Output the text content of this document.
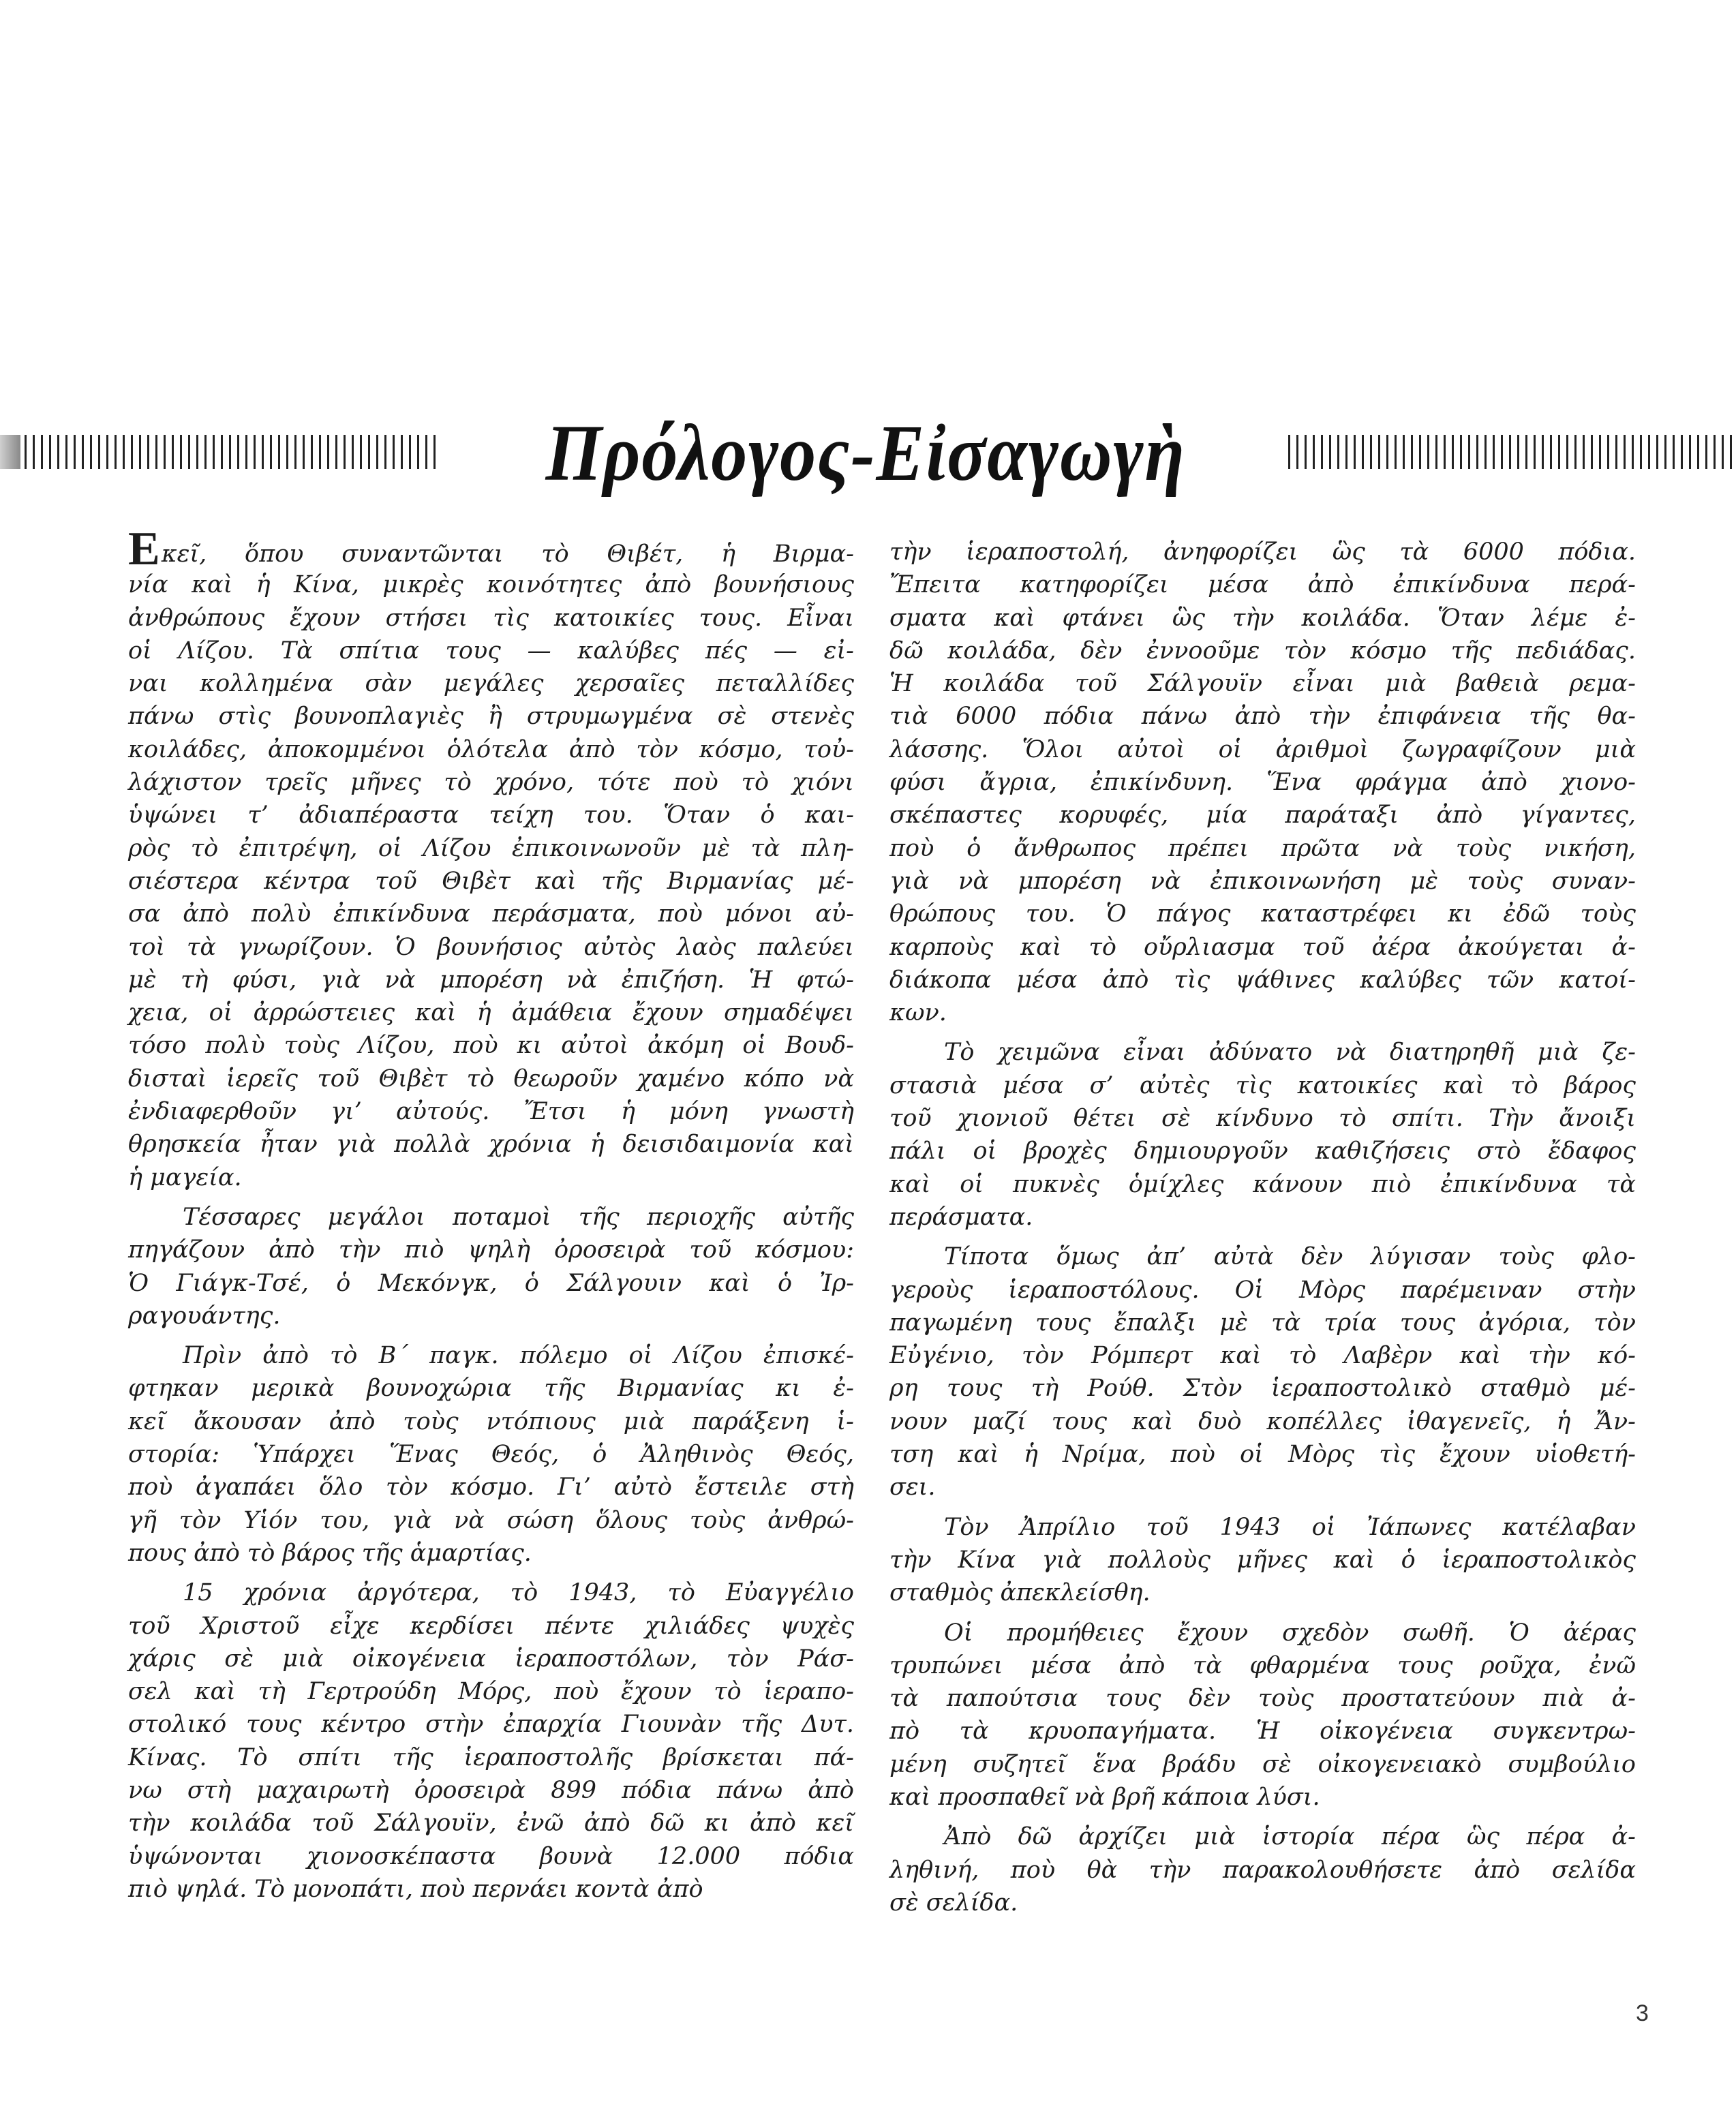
Πρόλογος-Εἰσαγωγὴ
Εκεῖ, ὅπου συναντῶνται τὸ Θιβέτ, ἡ Βιρμα-
νία καὶ ἡ Κίνα, μικρὲς κοινότητες ἀπὸ βουνήσιους
ἀνθρώπους ἔχουν στήσει τὶς κατοικίες τους. Εἶναι
οἱ Λίζου. Τὰ σπίτια τους — καλύβες πές — εἰ-
ναι κολλημένα σὰν μεγάλες χερσαῖες πεταλλίδες
πάνω στὶς βουνοπλαγιὲς ἢ στρυμωγμένα σὲ στενὲς
κοιλάδες, ἀποκομμένοι ὁλότελα ἀπὸ τὸν κόσμο, τοὐ-
λάχιστον τρεῖς μῆνες τὸ χρόνο, τότε ποὺ τὸ χιόνι
ὑψώνει τ’ ἀδιαπέραστα τείχη του. Ὅταν ὁ και-
ρὸς τὸ ἐπιτρέψη, οἱ Λίζου ἐπικοινωνοῦν μὲ τὰ πλη-
σιέστερα κέντρα τοῦ Θιβὲτ καὶ τῆς Βιρμανίας μέ-
σα ἀπὸ πολὺ ἐπικίνδυνα περάσματα, ποὺ μόνοι αὐ-
τοὶ τὰ γνωρίζουν. Ὁ βουνήσιος αὐτὸς λαὸς παλεύει
μὲ τὴ φύσι, γιὰ νὰ μπορέση νὰ ἐπιζήση. Ἡ φτώ-
χεια, οἱ ἀρρώστειες καὶ ἡ ἀμάθεια ἔχουν σημαδέψει
τόσο πολὺ τοὺς Λίζου, ποὺ κι αὐτοὶ ἀκόμη οἱ Βουδ-
δισταὶ ἱερεῖς τοῦ Θιβὲτ τὸ θεωροῦν χαμένο κόπο νὰ
ἐνδιαφερθοῦν γι’ αὐτούς. Ἔτσι ἡ μόνη γνωστὴ
θρησκεία ἦταν γιὰ πολλὰ χρόνια ἡ δεισιδαιμονία καὶ
ἡ μαγεία.
Τέσσαρες μεγάλοι ποταμοὶ τῆς περιοχῆς αὐτῆς
πηγάζουν ἀπὸ τὴν πιὸ ψηλὴ ὀροσειρὰ τοῦ κόσμου:
Ὁ Γιάγκ-Τσέ, ὁ Μεκόνγκ, ὁ Σάλγουιν καὶ ὁ Ἰρ-
ραγουάντης.
Πρὶν ἀπὸ τὸ Β΄ παγκ. πόλεμο οἱ Λίζου ἐπισκέ-
φτηκαν μερικὰ βουνοχώρια τῆς Βιρμανίας κι ἐ-
κεῖ ἄκουσαν ἀπὸ τοὺς ντόπιους μιὰ παράξενη ἱ-
στορία: Ὑπάρχει Ἕνας Θεός, ὁ Ἀληθινὸς Θεός,
ποὺ ἀγαπάει ὅλο τὸν κόσμο. Γι’ αὐτὸ ἔστειλε στὴ
γῆ τὸν Υἱόν του, γιὰ νὰ σώση ὅλους τοὺς ἀνθρώ-
πους ἀπὸ τὸ βάρος τῆς ἁμαρτίας.
15 χρόνια ἀργότερα, τὸ 1943, τὸ Εὐαγγέλιο
τοῦ Χριστοῦ εἶχε κερδίσει πέντε χιλιάδες ψυχὲς
χάρις σὲ μιὰ οἰκογένεια ἱεραποστόλων, τὸν Ράσ-
σελ καὶ τὴ Γερτρούδη Μόρς, ποὺ ἔχουν τὸ ἱεραπο-
στολικό τους κέντρο στὴν ἐπαρχία Γιουνὰν τῆς Δυτ.
Κίνας. Τὸ σπίτι τῆς ἱεραποστολῆς βρίσκεται πά-
νω στὴ μαχαιρωτὴ ὀροσειρὰ 899 πόδια πάνω ἀπὸ
τὴν κοιλάδα τοῦ Σάλγουϊν, ἐνῶ ἀπὸ δῶ κι ἀπὸ κεῖ
ὑψώνονται χιονοσκέπαστα βουνὰ 12.000 πόδια
πιὸ ψηλά. Τὸ μονοπάτι, ποὺ περνάει κοντὰ ἀπὸ
τὴν ἱεραποστολή, ἀνηφορίζει ὣς τὰ 6000 πόδια.
Ἔπειτα κατηφορίζει μέσα ἀπὸ ἐπικίνδυνα περά-
σματα καὶ φτάνει ὣς τὴν κοιλάδα. Ὅταν λέμε ἐ-
δῶ κοιλάδα, δὲν ἐννοοῦμε τὸν κόσμο τῆς πεδιάδας.
Ἡ κοιλάδα τοῦ Σάλγουϊν εἶναι μιὰ βαθειὰ ρεμα-
τιὰ 6000 πόδια πάνω ἀπὸ τὴν ἐπιφάνεια τῆς θα-
λάσσης. Ὅλοι αὐτοὶ οἱ ἀριθμοὶ ζωγραφίζουν μιὰ
φύσι ἄγρια, ἐπικίνδυνη. Ἕνα φράγμα ἀπὸ χιονο-
σκέπαστες κορυφές, μία παράταξι ἀπὸ γίγαντες,
ποὺ ὁ ἄνθρωπος πρέπει πρῶτα νὰ τοὺς νικήση,
γιὰ νὰ μπορέση νὰ ἐπικοινωνήση μὲ τοὺς συναν-
θρώπους του. Ὁ πάγος καταστρέφει κι ἐδῶ τοὺς
καρποὺς καὶ τὸ οὔρλιασμα τοῦ ἀέρα ἀκούγεται ἀ-
διάκοπα μέσα ἀπὸ τὶς ψάθινες καλύβες τῶν κατοί-
κων.
Τὸ χειμῶνα εἶναι ἀδύνατο νὰ διατηρηθῆ μιὰ ζε-
στασιὰ μέσα σ’ αὐτὲς τὶς κατοικίες καὶ τὸ βάρος
τοῦ χιονιοῦ θέτει σὲ κίνδυνο τὸ σπίτι. Τὴν ἄνοιξι
πάλι οἱ βροχὲς δημιουργοῦν καθιζήσεις στὸ ἔδαφος
καὶ οἱ πυκνὲς ὁμίχλες κάνουν πιὸ ἐπικίνδυνα τὰ
περάσματα.
Τίποτα ὅμως ἀπ’ αὐτὰ δὲν λύγισαν τοὺς φλο-
γεροὺς ἱεραποστόλους. Οἱ Μὸρς παρέμειναν στὴν
παγωμένη τους ἔπαλξι μὲ τὰ τρία τους ἀγόρια, τὸν
Εὐγένιο, τὸν Ρόμπερτ καὶ τὸ Λαβὲρν καὶ τὴν κό-
ρη τους τὴ Ρούθ. Στὸν ἱεραποστολικὸ σταθμὸ μέ-
νουν μαζί τους καὶ δυὸ κοπέλλες ἰθαγενεῖς, ἡ Ἄν-
τση καὶ ἡ Νρίμα, ποὺ οἱ Μὸρς τὶς ἔχουν υἱοθετή-
σει.
Τὸν Ἀπρίλιο τοῦ 1943 οἱ Ἰάπωνες κατέλαβαν
τὴν Κίνα γιὰ πολλοὺς μῆνες καὶ ὁ ἱεραποστολικὸς
σταθμὸς ἀπεκλείσθη.
Οἱ προμήθειες ἔχουν σχεδὸν σωθῆ. Ὁ ἀέρας
τρυπώνει μέσα ἀπὸ τὰ φθαρμένα τους ροῦχα, ἐνῶ
τὰ παπούτσια τους δὲν τοὺς προστατεύουν πιὰ ἀ-
πὸ τὰ κρυοπαγήματα. Ἡ οἰκογένεια συγκεντρω-
μένη συζητεῖ ἕνα βράδυ σὲ οἰκογενειακὸ συμβούλιο
καὶ προσπαθεῖ νὰ βρῆ κάποια λύσι.
Ἀπὸ δῶ ἀρχίζει μιὰ ἱστορία πέρα ὣς πέρα ἀ-
ληθινή, ποὺ θὰ τὴν παρακολουθήσετε ἀπὸ σελίδα
σὲ σελίδα.
3
